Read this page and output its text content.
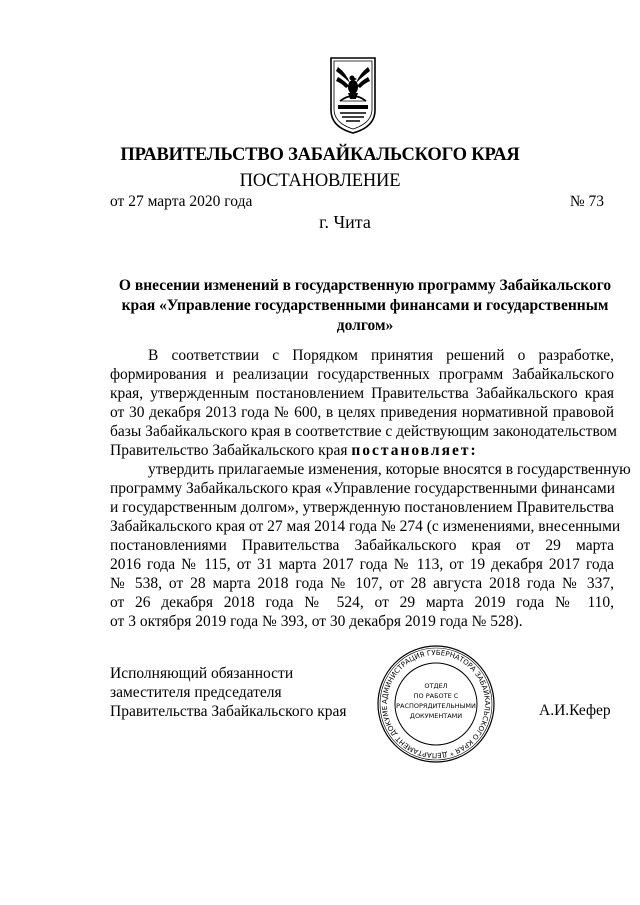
ПРАВИТЕЛЬСТВО ЗАБАЙКАЛЬСКОГО КРАЯ
ПОСТАНОВЛЕНИЕ
от 27 марта 2020 года	№ 73
г. Чита
О внесении изменений в государственную программу Забайкальского
края «Управление государственными финансами и государственным
долгом»
В соответствии с Порядком принятия решений о разработке,
формирования и реализации государственных программ Забайкальского
края, утвержденным постановлением Правительства Забайкальского края
от 30 декабря 2013 года № 600, в целях приведения нормативной правовой
базы Забайкальского края в соответствие с действующим законодательством
Правительство Забайкальского края постановляет:
утвердить прилагаемые изменения, которые вносятся в государственную
программу Забайкальского края «Управление государственными финансами
и государственным долгом», утвержденную постановлением Правительства
Забайкальского края от 27 мая 2014 года № 274 (с изменениями, внесенными
постановлениями Правительства Забайкальского края от 29 марта
2016 года № 115, от 31 марта 2017 года № 113, от 19 декабря 2017 года
№ 538, от 28 марта 2018 года № 107, от 28 августа 2018 года № 337,
от 26 декабря 2018 года № 524, от 29 марта 2019 года № 110,
от 3 октября 2019 года № 393, от 30 декабря 2019 года № 528).
Исполняющий обязанности
заместителя председателя
Правительства Забайкальского края	А.И.Кефер
АДМИНИСТРАЦИЯ ГУБЕРНАТОРА ЗАБАЙКАЛЬСКОГО КРАЯ * ДЕПАРТАМЕНТ ДОКУМЕ
ОТДЕЛ
ПО РАБОТЕ С
РАСПОРЯДИТЕЛЬНЫМИ
ДОКУМЕНТАМИ
